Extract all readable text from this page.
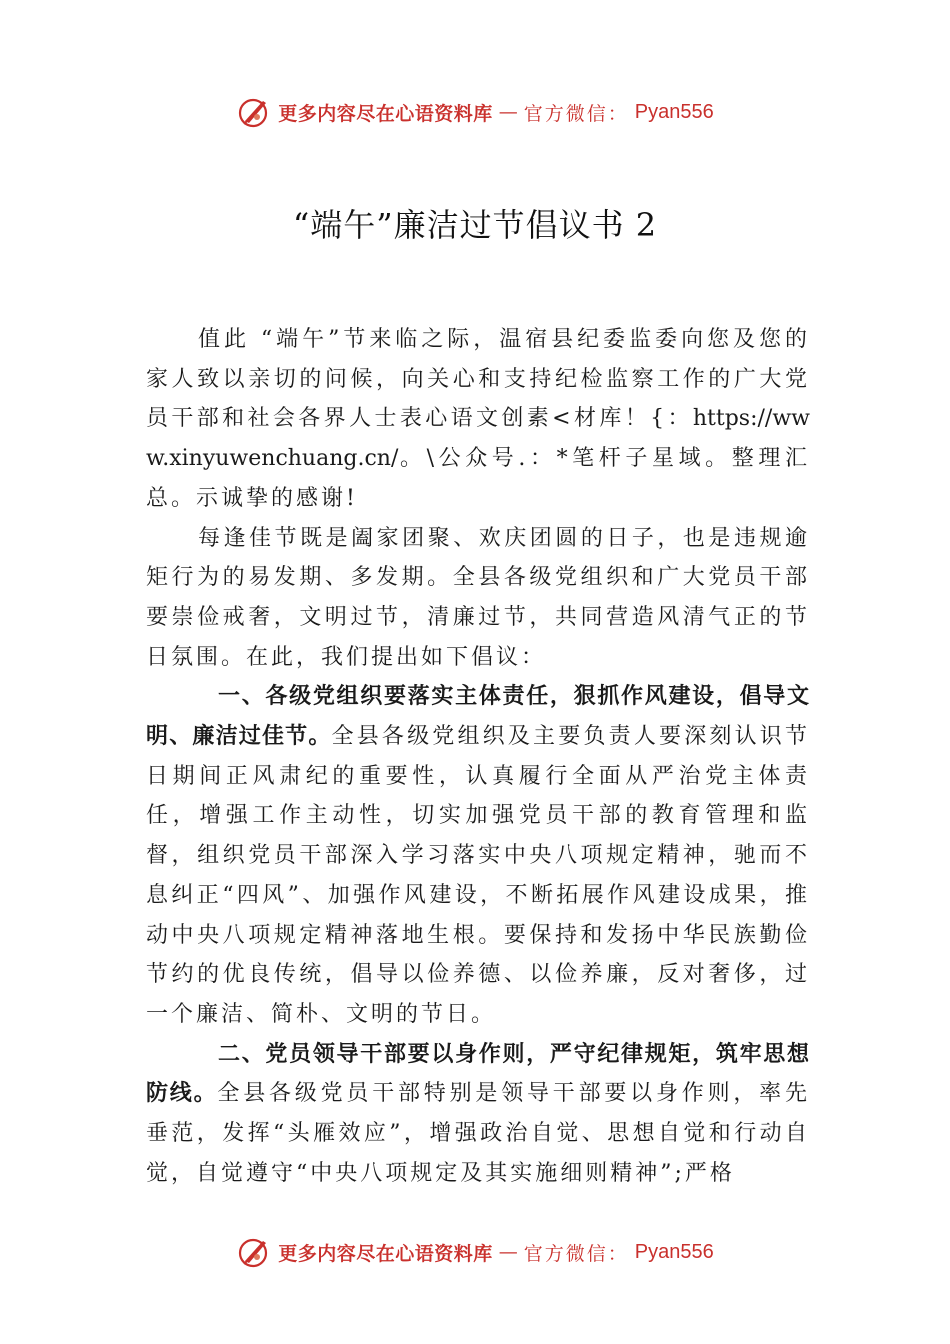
更多内容尽在心语资料库 — 官方微信： Pyan556
“端午”廉洁过节倡议书 2

值此 “端午”节来临之际，温宿县纪委监委向您及您的家人致以亲切的问候，向关心和支持纪检监察工作的广大党员干部和社会各界人士表心语文创素<材库！{：https://www.xinyuwenchuang.cn/。\公众号.：*笔杆子星域。整理汇总。示诚挚的感谢!

每逢佳节既是阖家团聚、欢庆团圆的日子，也是违规逾矩行为的易发期、多发期。全县各级党组织和广大党员干部要崇俭戒奢，文明过节，清廉过节，共同营造风清气正的节日氛围。在此，我们提出如下倡议：

一、各级党组织要落实主体责任，狠抓作风建设，倡导文明、廉洁过佳节。全县各级党组织及主要负责人要深刻认识节日期间正风肃纪的重要性，认真履行全面从严治党主体责任，增强工作主动性，切实加强党员干部的教育管理和监督，组织党员干部深入学习落实中央八项规定精神，驰而不息纠正“四风”、加强作风建设，不断拓展作风建设成果，推动中央八项规定精神落地生根。要保持和发扬中华民族勤俭节约的优良传统，倡导以俭养德、以俭养廉，反对奢侈，过一个廉洁、简朴、文明的节日。

二、党员领导干部要以身作则，严守纪律规矩，筑牢思想防线。全县各级党员干部特别是领导干部要以身作则，率先垂范，发挥“头雁效应”，增强政治自觉、思想自觉和行动自觉，自觉遵守“中央八项规定及其实施细则精神”;严格

更多内容尽在心语资料库 — 官方微信： Pyan556
